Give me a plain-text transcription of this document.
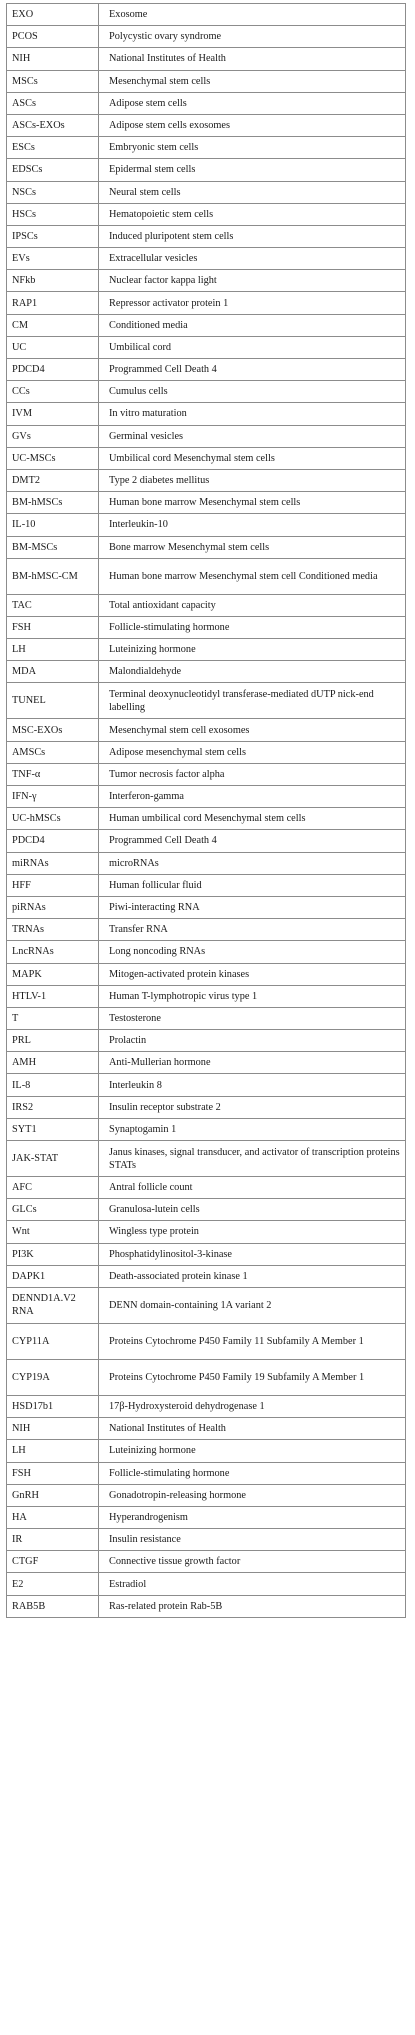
EXO	Exosome
PCOS	Polycystic ovary syndrome
NIH	National Institutes of Health
MSCs	Mesenchymal stem cells
ASCs	Adipose stem cells
ASCs-EXOs	Adipose stem cells exosomes
ESCs	Embryonic stem cells
EDSCs	Epidermal stem cells
NSCs	Neural stem cells
HSCs	Hematopoietic stem cells
IPSCs	Induced pluripotent stem cells
EVs	Extracellular vesicles
NFkb	Nuclear factor kappa light
RAP1	Repressor activator protein 1
CM	Conditioned media
UC	Umbilical cord
PDCD4	Programmed Cell Death 4
CCs	Cumulus cells
IVM	In vitro maturation
GVs	Germinal vesicles
UC-MSCs	Umbilical cord Mesenchymal stem cells
DMT2	Type 2 diabetes mellitus
BM-hMSCs	Human bone marrow Mesenchymal stem cells
IL-10	Interleukin-10
BM-MSCs	Bone marrow Mesenchymal stem cells
BM-hMSC-CM	Human bone marrow Mesenchymal stem cell Conditioned media
TAC	Total antioxidant capacity
FSH	Follicle-stimulating hormone
LH	Luteinizing hormone
MDA	Malondialdehyde
TUNEL	Terminal deoxynucleotidyl transferase-mediated dUTP nick-end labelling
MSC-EXOs	Mesenchymal stem cell exosomes
AMSCs	Adipose mesenchymal stem cells
TNF-α	Tumor necrosis factor alpha
IFN-γ	Interferon-gamma
UC-hMSCs	Human umbilical cord Mesenchymal stem cells
PDCD4	Programmed Cell Death 4
miRNAs	microRNAs
HFF	Human follicular fluid
piRNAs	Piwi-interacting RNA
TRNAs	Transfer RNA
LncRNAs	Long noncoding RNAs
MAPK	Mitogen-activated protein kinases
HTLV-1	Human T-lymphotropic virus type 1
T	Testosterone
PRL	Prolactin
AMH	Anti-Mullerian hormone
IL-8	Interleukin 8
IRS2	Insulin receptor substrate 2
SYT1	Synaptogamin 1
JAK-STAT	Janus kinases, signal transducer, and activator of transcription proteins STATs
AFC	Antral follicle count
GLCs	Granulosa-lutein cells
Wnt	Wingless type protein
PI3K	Phosphatidylinositol-3-kinase
DAPK1	Death-associated protein kinase 1
DENND1A.V2 RNA	DENN domain-containing 1A variant 2
CYP11A	Proteins Cytochrome P450 Family 11 Subfamily A Member 1
CYP19A	Proteins Cytochrome P450 Family 19 Subfamily A Member 1
HSD17b1	17β-Hydroxysteroid dehydrogenase 1
NIH	National Institutes of Health
LH	Luteinizing hormone
FSH	Follicle-stimulating hormone
GnRH	Gonadotropin-releasing hormone
HA	Hyperandrogenism
IR	Insulin resistance
CTGF	Connective tissue growth factor
E2	Estradiol
RAB5B	Ras-related protein Rab-5B
